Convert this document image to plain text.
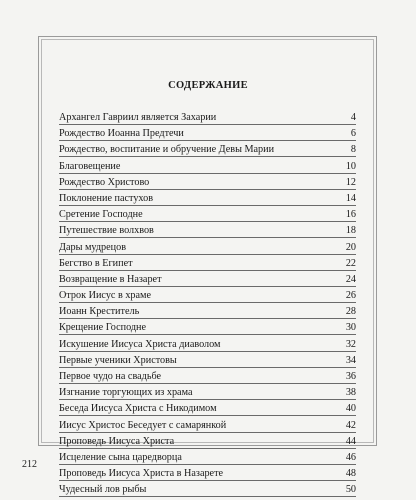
СОДЕРЖАНИЕ
Архангел Гавриил является Захарии	4
Рождество Иоанна Предтечи	6
Рождество, воспитание и обручение Девы Марии	8
Благовещение	10
Рождество Христово	12
Поклонение пастухов	14
Сретение Господне	16
Путешествие волхвов	18
Дары мудрецов	20
Бегство в Египет	22
Возвращение в Назарет	24
Отрок Иисус в храме	26
Иоанн Креститель	28
Крещение Господне	30
Искушение Иисуса Христа диаволом	32
Первые ученики Христовы	34
Первое чудо на свадьбе	36
Изгнание торгующих из храма	38
Беседа Иисуса Христа с Никодимом	40
Иисус Христос Беседует с самарянкой	42
Проповедь Иисуса Христа	44
Исцеление сына царедворца	46
Проповедь Иисуса Христа в Назарете	48
Чудесный лов рыбы	50
212
